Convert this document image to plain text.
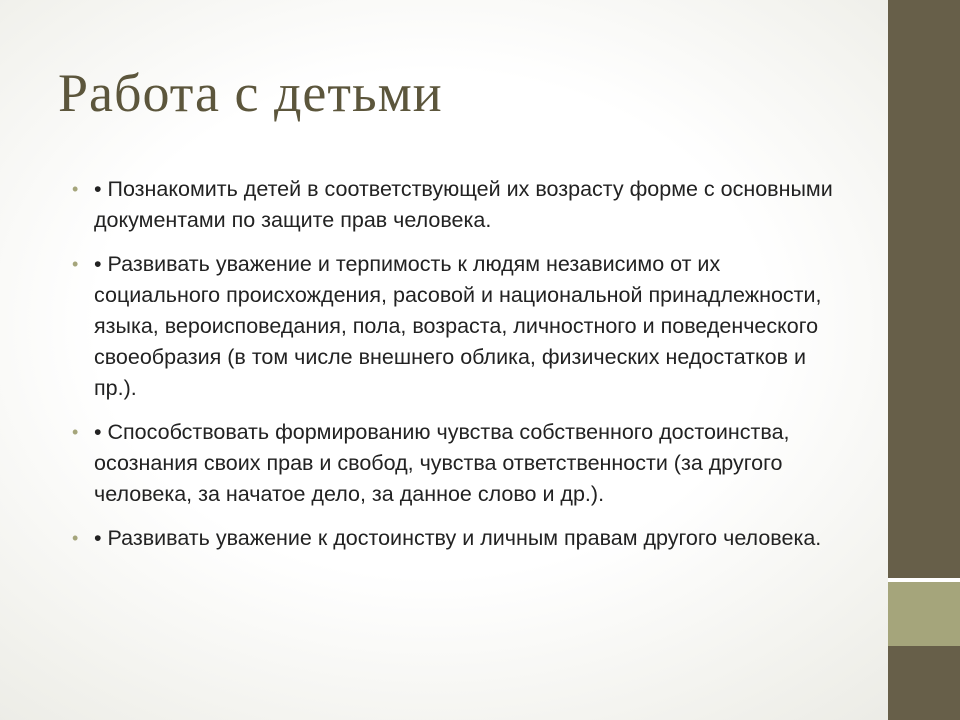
Работа с детьми
• • Познакомить детей в соответствующей их возрасту форме с основными документами по защите прав человека.
• • Развивать уважение и терпимость к людям независимо от их социального происхождения, расовой и национальной принадлежности, языка, вероисповедания, пола, возраста, личностного и поведенческого своеобразия (в том числе внешнего облика, физических недостатков и пр.).
• • Способствовать формированию чувства собственного достоинства, осознания своих прав и свобод, чувства ответственности (за другого человека, за начатое дело, за данное слово и др.).
• • Развивать уважение к достоинству и личным правам другого человека.
